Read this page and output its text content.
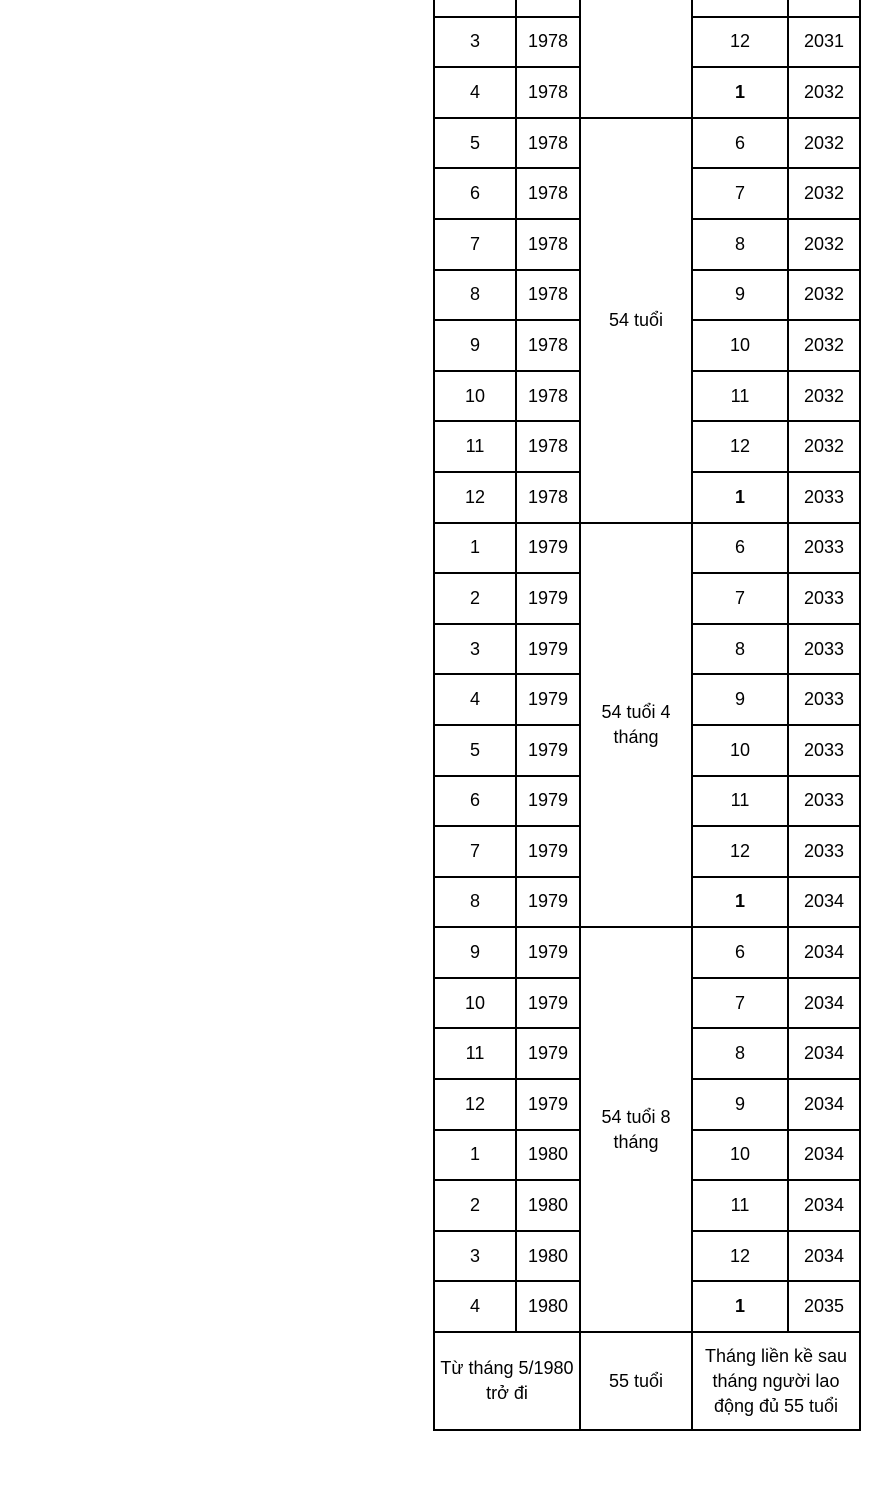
3	1978		12	2031
4	1978		1	2032
5	1978	54 tuổi	6	2032
6	1978		7	2032
7	1978		8	2032
8	1978		9	2032
9	1978		10	2032
10	1978		11	2032
11	1978		12	2032
12	1978		1	2033
1	1979	54 tuổi 4 tháng	6	2033
2	1979		7	2033
3	1979		8	2033
4	1979		9	2033
5	1979		10	2033
6	1979		11	2033
7	1979		12	2033
8	1979		1	2034
9	1979	54 tuổi 8 tháng	6	2034
10	1979		7	2034
11	1979		8	2034
12	1979		9	2034
1	1980		10	2034
2	1980		11	2034
3	1980		12	2034
4	1980		1	2035
Từ tháng 5/1980 trở đi		55 tuổi	Tháng liền kề sau tháng người lao động đủ 55 tuổi	
